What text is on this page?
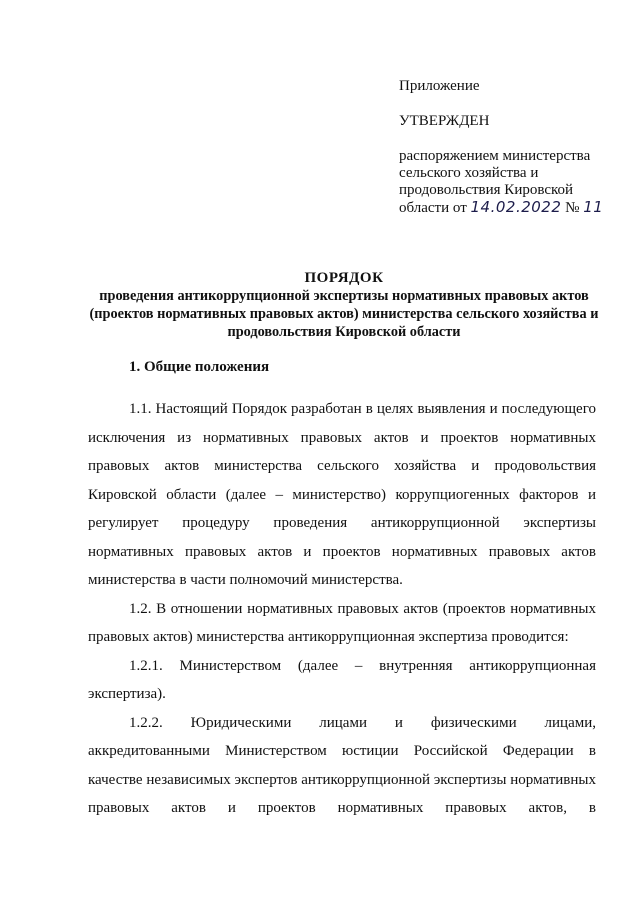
Приложение
УТВЕРЖДЕН
распоряжением министерства
сельского хозяйства и
продовольствия Кировской
области от 14.02.2022 № 11
ПОРЯДОК
проведения антикоррупционной экспертизы нормативных правовых актов (проектов нормативных правовых актов) министерства сельского хозяйства и продовольствия Кировской области
1. Общие положения

1.1. Настоящий Порядок разработан в целях выявления и последующего исключения из нормативных правовых актов и проектов нормативных правовых актов министерства сельского хозяйства и продовольствия Кировской области (далее – министерство) коррупциогенных факторов и регулирует процедуру проведения антикоррупционной экспертизы нормативных правовых актов и проектов нормативных правовых актов министерства в части полномочий министерства.

1.2. В отношении нормативных правовых актов (проектов нормативных правовых актов) министерства антикоррупционная экспертиза проводится:

1.2.1. Министерством (далее – внутренняя антикоррупционная экспертиза).

1.2.2. Юридическими лицами и физическими лицами, аккредитованными Министерством юстиции Российской Федерации в качестве независимых экспертов антикоррупционной экспертизы нормативных правовых актов и проектов нормативных правовых актов, в
